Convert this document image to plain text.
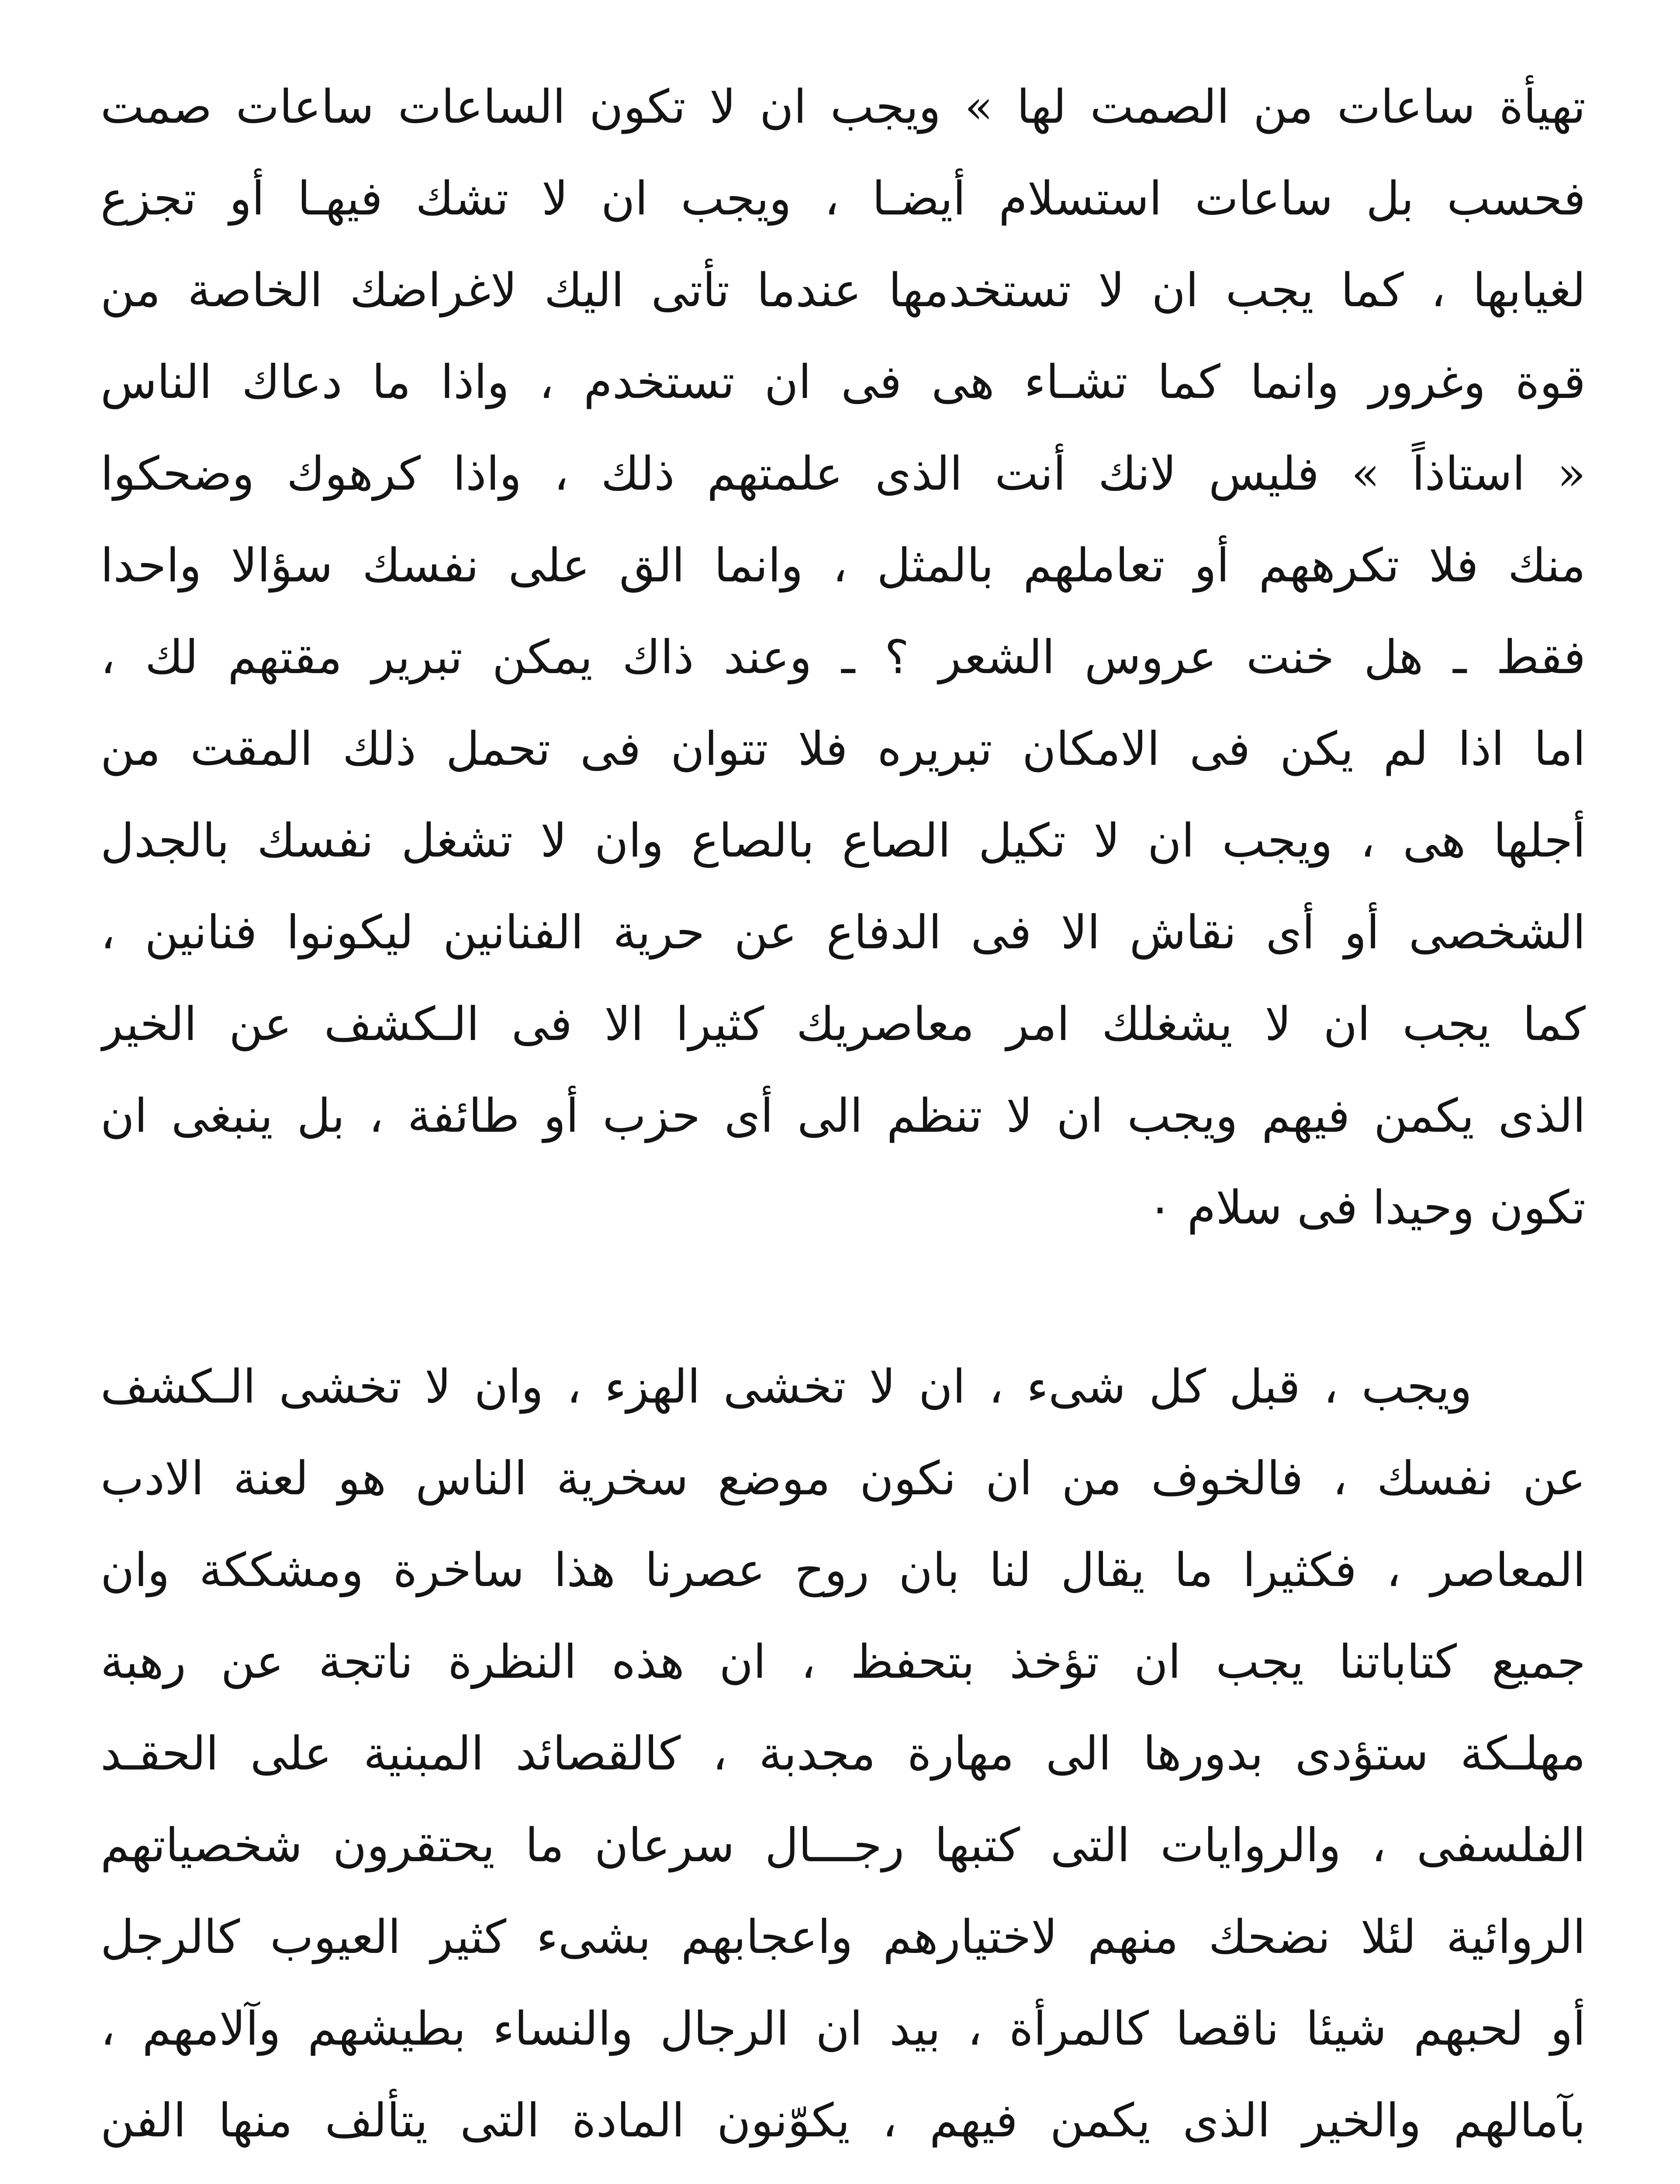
تهيأة ساعات من الصمت لها » ويجب ان لا تكون الساعات ساعات صمت
فحسب بل ساعات استسلام أيضـا ، ويجب ان لا تشك فيهـا أو تجزع
لغيابها ، كما يجب ان لا تستخدمها عندما تأتى اليك لاغراضك الخاصة من
قوة وغرور وانما كما تشـاء هى فى ان تستخدم ، واذا ما دعاك الناس
« استاذاً » فليس لانك أنت الذى علمتهم ذلك ، واذا كرهوك وضحكوا
منك فلا تكرههم أو تعاملهم بالمثل ، وانما الق على نفسك سؤالا واحدا
فقط ـ هل خنت عروس الشعر ؟ ـ وعند ذاك يمكن تبرير مقتهم لك ،
اما اذا لم يكن فى الامكان تبريره فلا تتوان فى تحمل ذلك المقت من
أجلها هى ، ويجب ان لا تكيل الصاع بالصاع وان لا تشغل نفسك بالجدل
الشخصى أو أى نقاش الا فى الدفاع عن حرية الفنانين ليكونوا فنانين ،
كما يجب ان لا يشغلك امر معاصريك كثيرا الا فى الـكشف عن الخير
الذى يكمن فيهم ويجب ان لا تنظم الى أى حزب أو طائفة ، بل ينبغى ان
تكون وحيدا فى سلام ٠
ويجب ، قبل كل شىء ، ان لا تخشى الهزء ، وان لا تخشى الـكشف
عن نفسك ، فالخوف من ان نكون موضع سخرية الناس هو لعنة الادب
المعاصر ، فكثيرا ما يقال لنا بان روح عصرنا هذا ساخرة ومشككة وان
جميع كتاباتنا يجب ان تؤخذ بتحفظ ، ان هذه النظرة ناتجة عن رهبة
مهلـكة ستؤدى بدورها الى مهارة مجدبة ، كالقصائد المبنية على الحقـد
الفلسفى ، والروايات التى كتبها رجـــال سرعان ما يحتقرون شخصياتهم
الروائية لئلا نضحك منهم لاختيارهم واعجابهم بشىء كثير العيوب كالرجل
أو لحبهم شيئا ناقصا كالمرأة ، بيد ان الرجال والنساء بطيشهم وآلامهم ،
بآمالهم والخير الذى يكمن فيهم ، يكوّنون المادة التى يتألف منها الفن
